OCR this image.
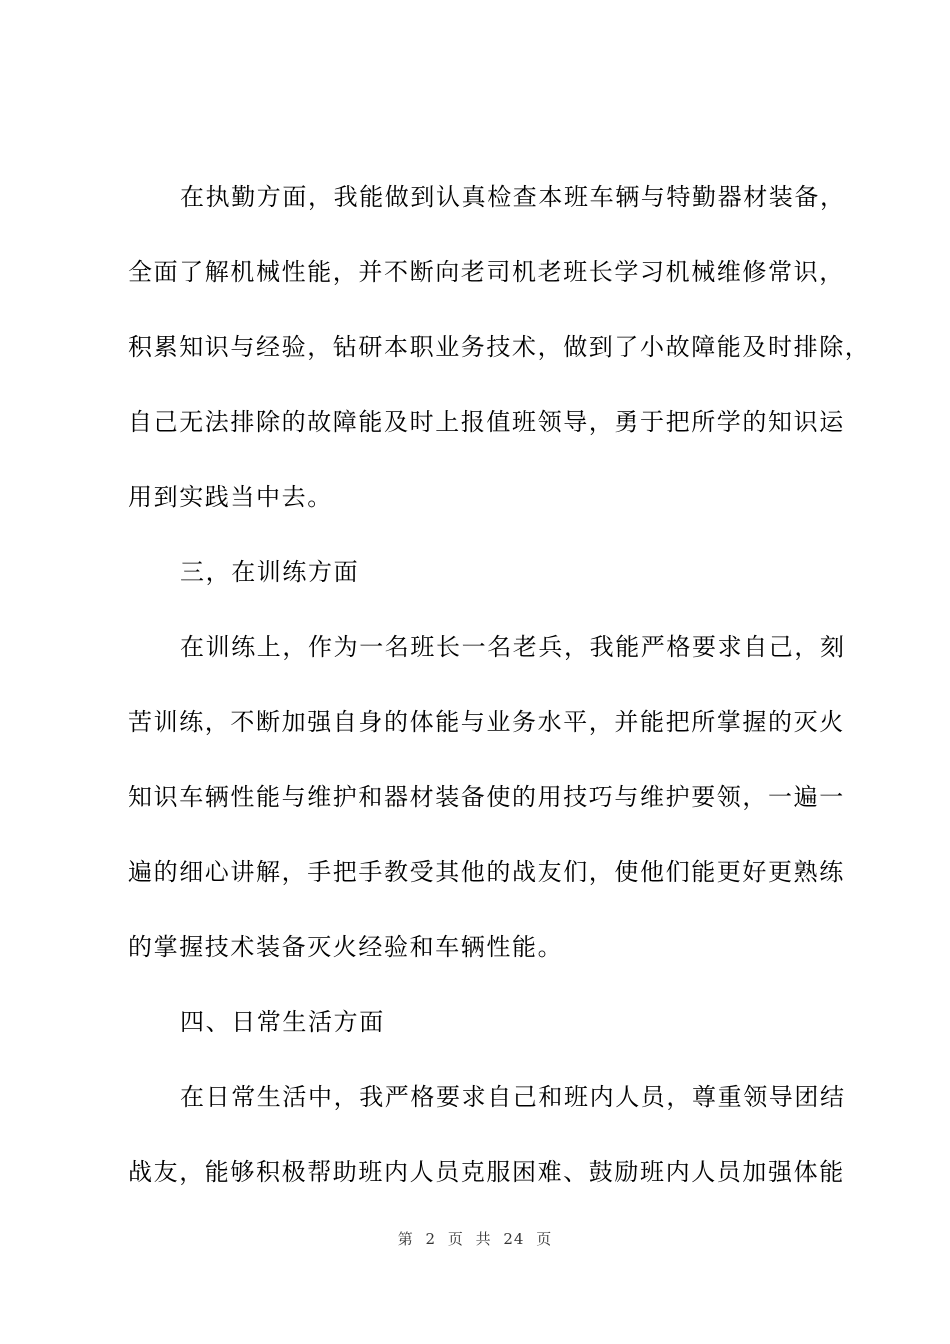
在执勤方面，我能做到认真检查本班车辆与特勤器材装备，
全面了解机械性能，并不断向老司机老班长学习机械维修常识，
积累知识与经验，钻研本职业务技术，做到了小故障能及时排除，
自己无法排除的故障能及时上报值班领导，勇于把所学的知识运
用到实践当中去。
三，在训练方面
在训练上，作为一名班长一名老兵，我能严格要求自己，刻
苦训练，不断加强自身的体能与业务水平，并能把所掌握的灭火
知识车辆性能与维护和器材装备使的用技巧与维护要领，一遍一
遍的细心讲解，手把手教受其他的战友们，使他们能更好更熟练
的掌握技术装备灭火经验和车辆性能。
四、日常生活方面
在日常生活中，我严格要求自己和班内人员，尊重领导团结
战友，能够积极帮助班内人员克服困难、鼓励班内人员加强体能
第 2 页 共 24 页
